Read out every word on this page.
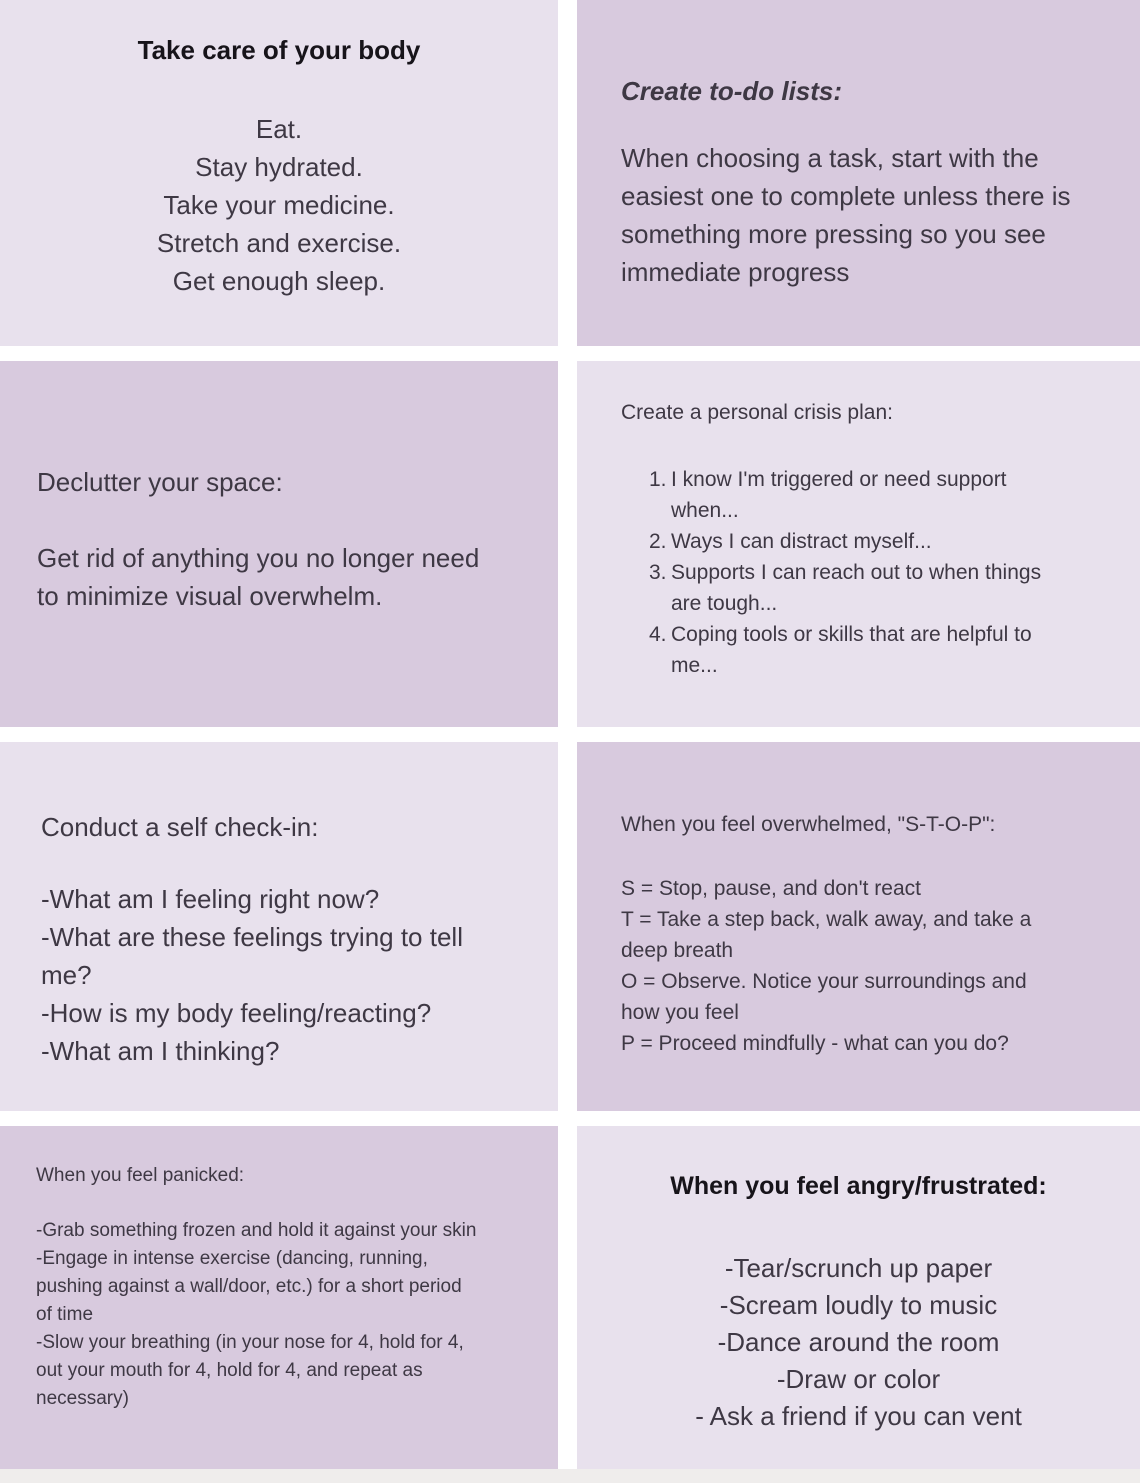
Take care of your body
Eat.
Stay hydrated.
Take your medicine.
Stretch and exercise.
Get enough sleep.
Create to-do lists:
When choosing a task, start with the
easiest one to complete unless there is
something more pressing so you see
immediate progress
Declutter your space:
Get rid of anything you no longer need
to minimize visual overwhelm.
Create a personal crisis plan:
1. I know I'm triggered or need support
when...
2. Ways I can distract myself...
3. Supports I can reach out to when things
are tough...
4. Coping tools or skills that are helpful to
me...
Conduct a self check-in:
-What am I feeling right now?
-What are these feelings trying to tell
me?
-How is my body feeling/reacting?
-What am I thinking?
When you feel overwhelmed, "S-T-O-P":
S = Stop, pause, and don't react
T = Take a step back, walk away, and take a
deep breath
O = Observe. Notice your surroundings and
how you feel
P = Proceed mindfully - what can you do?
When you feel panicked:
-Grab something frozen and hold it against your skin
-Engage in intense exercise (dancing, running,
pushing against a wall/door, etc.) for a short period
of time
-Slow your breathing (in your nose for 4, hold for 4,
out your mouth for 4, hold for 4, and repeat as
necessary)
When you feel angry/frustrated:
-Tear/scrunch up paper
-Scream loudly to music
-Dance around the room
-Draw or color
- Ask a friend if you can vent
